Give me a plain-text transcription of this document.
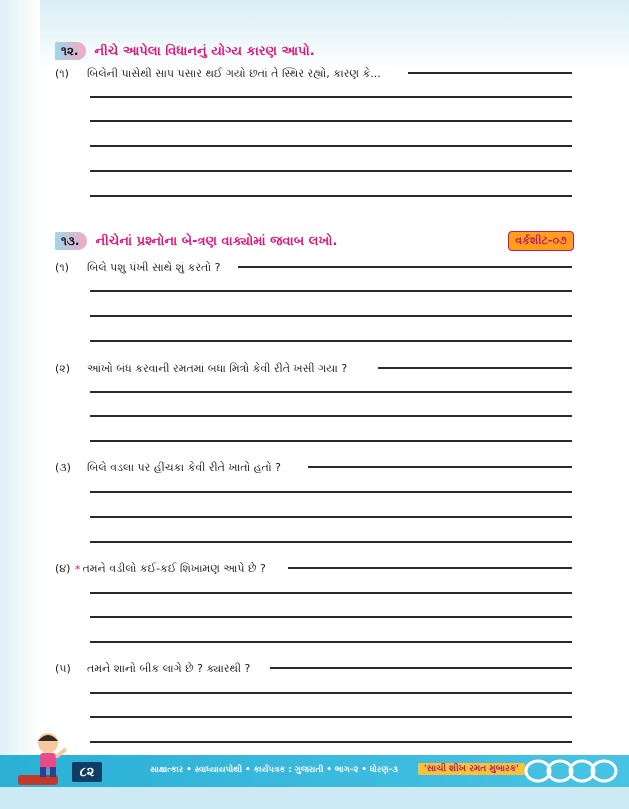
૧૨.	નીચે આપેલા વિધાનનું યોગ્ય કારણ આપો.
(૧)	બિલેની પાસેથી સાપ પસાર થઈ ગયો છતાં તે સ્થિર રહ્યો, કારણ કે...
૧૩.	નીચેનાં પ્રશ્નોના બે-ત્રણ વાક્યોમાં જવાબ લખો.	વર્કશીટ-૦૭
(૧)	બિલે પશુ પંખી સાથે શું કરતો ?
(૨)	આંખો બંધ કરવાની રમતમાં બધા મિત્રો કેવી રીતે ખસી ગયા ?
(૩)	બિલે વડલા પર હીંચકા કેવી રીતે ખાતો હતો ?
(૪) * તમને વડીલો કઈ-કઈ શિખામણ આપે છે ?
(૫)	તમને શાનો બીક લાગે છે ? ક્યારથી ?
૮૨	સાક્ષાત્કાર • સ્વાધ્યાયપોથી • કાર્યપત્રક : ગુજરાતી • ભાગ-૨ • ધોરણ-૩	'સાચી શીખ રમત મુબારક'
